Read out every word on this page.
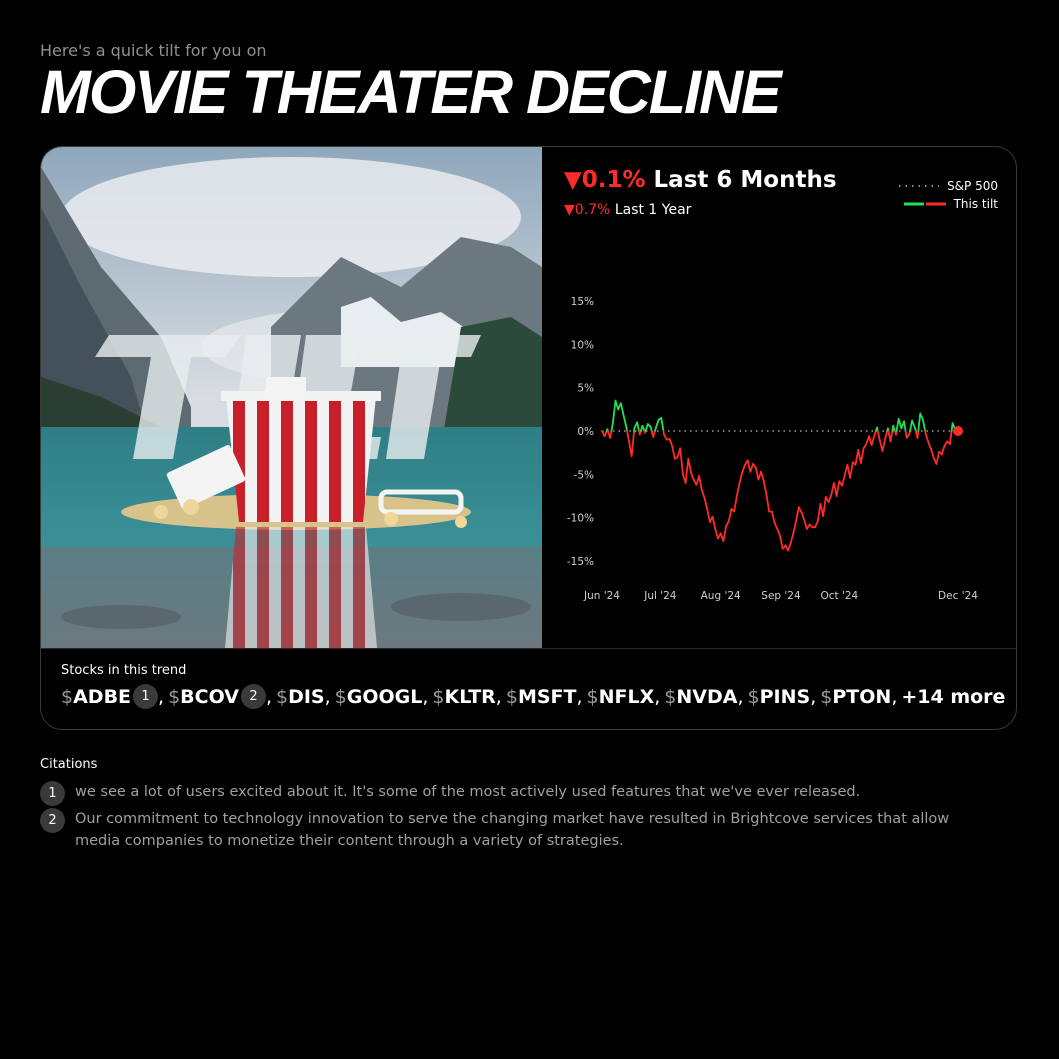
Here's a quick tilt for you on
MOVIE THEATER DECLINE
▼0.1% Last 6 Months
▼0.7% Last 1 Year
S&P 500
This tilt
15%
10%
5%
0%
-5%
-10%
-15%
Jun '24 Jul '24 Aug '24 Sep '24 Oct '24	Dec '24
Stocks in this trend
$ ADBE 1 , $ BCOV 2 , $ DIS , $ GOOGL , $ KLTR , $ MSFT , $ NFLX , $ NVDA , $ PINS , $ PTON , +14 more
Citations
1	we see a lot of users excited about it. It's some of the most actively used features that we've ever released.
2	Our commitment to technology innovation to serve the changing market have resulted in Brightcove services that allow media companies to monetize their content through a variety of strategies.
